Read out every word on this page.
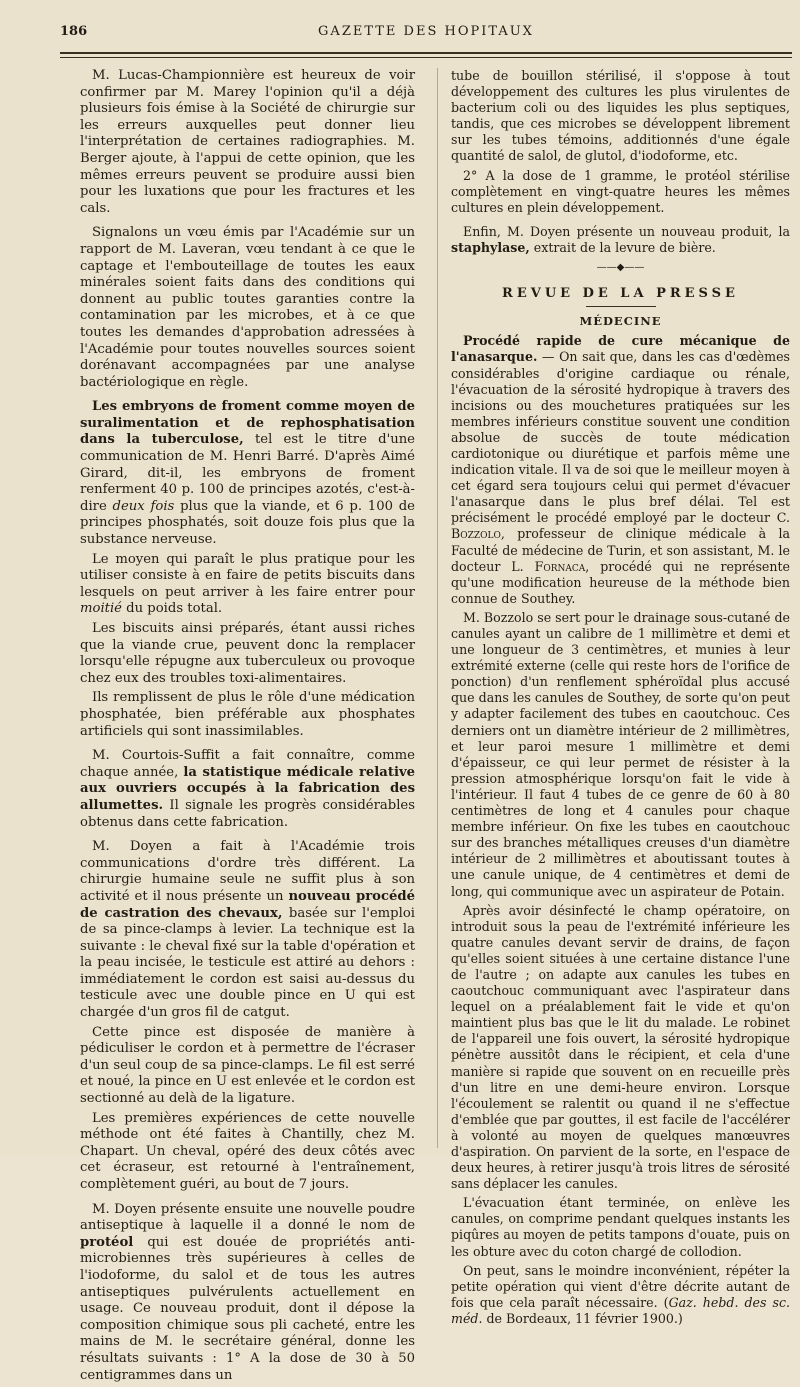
186	GAZETTE DES HOPITAUX

M. Lucas-Championnière est heureux de voir confirmer par M. Marey l'opinion qu'il a déjà plusieurs fois émise à la Société de chirurgie sur les erreurs auxquelles peut donner lieu l'interprétation de certaines radiographies. M. Berger ajoute, à l'appui de cette opinion, que les mêmes erreurs peuvent se produire aussi bien pour les luxations que pour les fractures et les cals.

Signalons un vœu émis par l'Académie sur un rapport de M. Laveran, vœu tendant à ce que le captage et l'embouteillage de toutes les eaux minérales soient faits dans des conditions qui donnent au public toutes garanties contre la contamination par les microbes, et à ce que toutes les demandes d'approbation adressées à l'Académie pour toutes nouvelles sources soient dorénavant accompagnées par une analyse bactériologique en règle.

Les embryons de froment comme moyen de suralimentation et de rephosphatisation dans la tuberculose, tel est le titre d'une communication de M. Henri Barré. D'après Aimé Girard, dit-il, les embryons de froment renferment 40 p. 100 de principes azotés, c'est-à-dire deux fois plus que la viande, et 6 p. 100 de principes phosphatés, soit douze fois plus que la substance nerveuse.

Le moyen qui paraît le plus pratique pour les utiliser consiste à en faire de petits biscuits dans lesquels on peut arriver à les faire entrer pour moitié du poids total.

Les biscuits ainsi préparés, étant aussi riches que la viande crue, peuvent donc la remplacer lorsqu'elle répugne aux tuberculeux ou provoque chez eux des troubles toxi-alimentaires.

Ils remplissent de plus le rôle d'une médication phosphatée, bien préférable aux phosphates artificiels qui sont inassimilables.

M. Courtois-Suffit a fait connaître, comme chaque année, la statistique médicale relative aux ouvriers occupés à la fabrication des allumettes. Il signale les progrès considérables obtenus dans cette fabrication.

M. Doyen a fait à l'Académie trois communications d'ordre très différent. La chirurgie humaine seule ne suffit plus à son activité et il nous présente un nouveau procédé de castration des chevaux, basée sur l'emploi de sa pince-clamps à levier. La technique est la suivante : le cheval fixé sur la table d'opération et la peau incisée, le testicule est attiré au dehors : immédiatement le cordon est saisi au-dessus du testicule avec une double pince en U qui est chargée d'un gros fil de catgut.

Cette pince est disposée de manière à pédiculiser le cordon et à permettre de l'écraser d'un seul coup de sa pince-clamps. Le fil est serré et noué, la pince en U est enlevée et le cordon est sectionné au delà de la ligature.

Les premières expériences de cette nouvelle méthode ont été faites à Chantilly, chez M. Chapart. Un cheval, opéré des deux côtés avec cet écraseur, est retourné à l'entraînement, complètement guéri, au bout de 7 jours.

M. Doyen présente ensuite une nouvelle poudre antiseptique à laquelle il a donné le nom de protéol qui est douée de propriétés anti-microbiennes très supérieures à celles de l'iodoforme, du salol et de tous les autres antiseptiques pulvérulents actuellement en usage. Ce nouveau produit, dont il dépose la composition chimique sous pli cacheté, entre les mains de M. le secrétaire général, donne les résultats suivants : 1° A la dose de 30 à 50 centigrammes dans un

tube de bouillon stérilisé, il s'oppose à tout développement des cultures les plus virulentes de bacterium coli ou des liquides les plus septiques, tandis, que ces microbes se développent librement sur les tubes témoins, additionnés d'une égale quantité de salol, de glutol, d'iodoforme, etc.

2° A la dose de 1 gramme, le protéol stérilise complètement en vingt-quatre heures les mêmes cultures en plein développement.

Enfin, M. Doyen présente un nouveau produit, la staphylase, extrait de la levure de bière.

——◆——
REVUE DE LA PRESSE
MÉDECINE

Procédé rapide de cure mécanique de l'anasarque. — On sait que, dans les cas d'œdèmes considérables d'origine cardiaque ou rénale, l'évacuation de la sérosité hydropique à travers des incisions ou des mouchetures pratiquées sur les membres inférieurs constitue souvent une condition absolue de succès de toute médication cardiotonique ou diurétique et parfois même une indication vitale. Il va de soi que le meilleur moyen à cet égard sera toujours celui qui permet d'évacuer l'anasarque dans le plus bref délai. Tel est précisément le procédé employé par le docteur C. Bozzolo, professeur de clinique médicale à la Faculté de médecine de Turin, et son assistant, M. le docteur L. Fornaca, procédé qui ne représente qu'une modification heureuse de la méthode bien connue de Southey.

M. Bozzolo se sert pour le drainage sous-cutané de canules ayant un calibre de 1 millimètre et demi et une longueur de 3 centimètres, et munies à leur extrémité externe (celle qui reste hors de l'orifice de ponction) d'un renflement sphéroïdal plus accusé que dans les canules de Southey, de sorte qu'on peut y adapter facilement des tubes en caoutchouc. Ces derniers ont un diamètre intérieur de 2 millimètres, et leur paroi mesure 1 millimètre et demi d'épaisseur, ce qui leur permet de résister à la pression atmosphérique lorsqu'on fait le vide à l'intérieur. Il faut 4 tubes de ce genre de 60 à 80 centimètres de long et 4 canules pour chaque membre inférieur. On fixe les tubes en caoutchouc sur des branches métalliques creuses d'un diamètre intérieur de 2 millimètres et aboutissant toutes à une canule unique, de 4 centimètres et demi de long, qui communique avec un aspirateur de Potain.

Après avoir désinfecté le champ opératoire, on introduit sous la peau de l'extrémité inférieure les quatre canules devant servir de drains, de façon qu'elles soient situées à une certaine distance l'une de l'autre ; on adapte aux canules les tubes en caoutchouc communiquant avec l'aspirateur dans lequel on a préalablement fait le vide et qu'on maintient plus bas que le lit du malade. Le robinet de l'appareil une fois ouvert, la sérosité hydropique pénètre aussitôt dans le récipient, et cela d'une manière si rapide que souvent on en recueille près d'un litre en une demi-heure environ. Lorsque l'écoulement se ralentit ou quand il ne s'effectue d'emblée que par gouttes, il est facile de l'accélérer à volonté au moyen de quelques manœuvres d'aspiration. On parvient de la sorte, en l'espace de deux heures, à retirer jusqu'à trois litres de sérosité sans déplacer les canules.

L'évacuation étant terminée, on enlève les canules, on comprime pendant quelques instants les piqûres au moyen de petits tampons d'ouate, puis on les obture avec du coton chargé de collodion.

On peut, sans le moindre inconvénient, répéter la petite opération qui vient d'être décrite autant de fois que cela paraît nécessaire. (Gaz. hebd. des sc. méd. de Bordeaux, 11 février 1900.)
